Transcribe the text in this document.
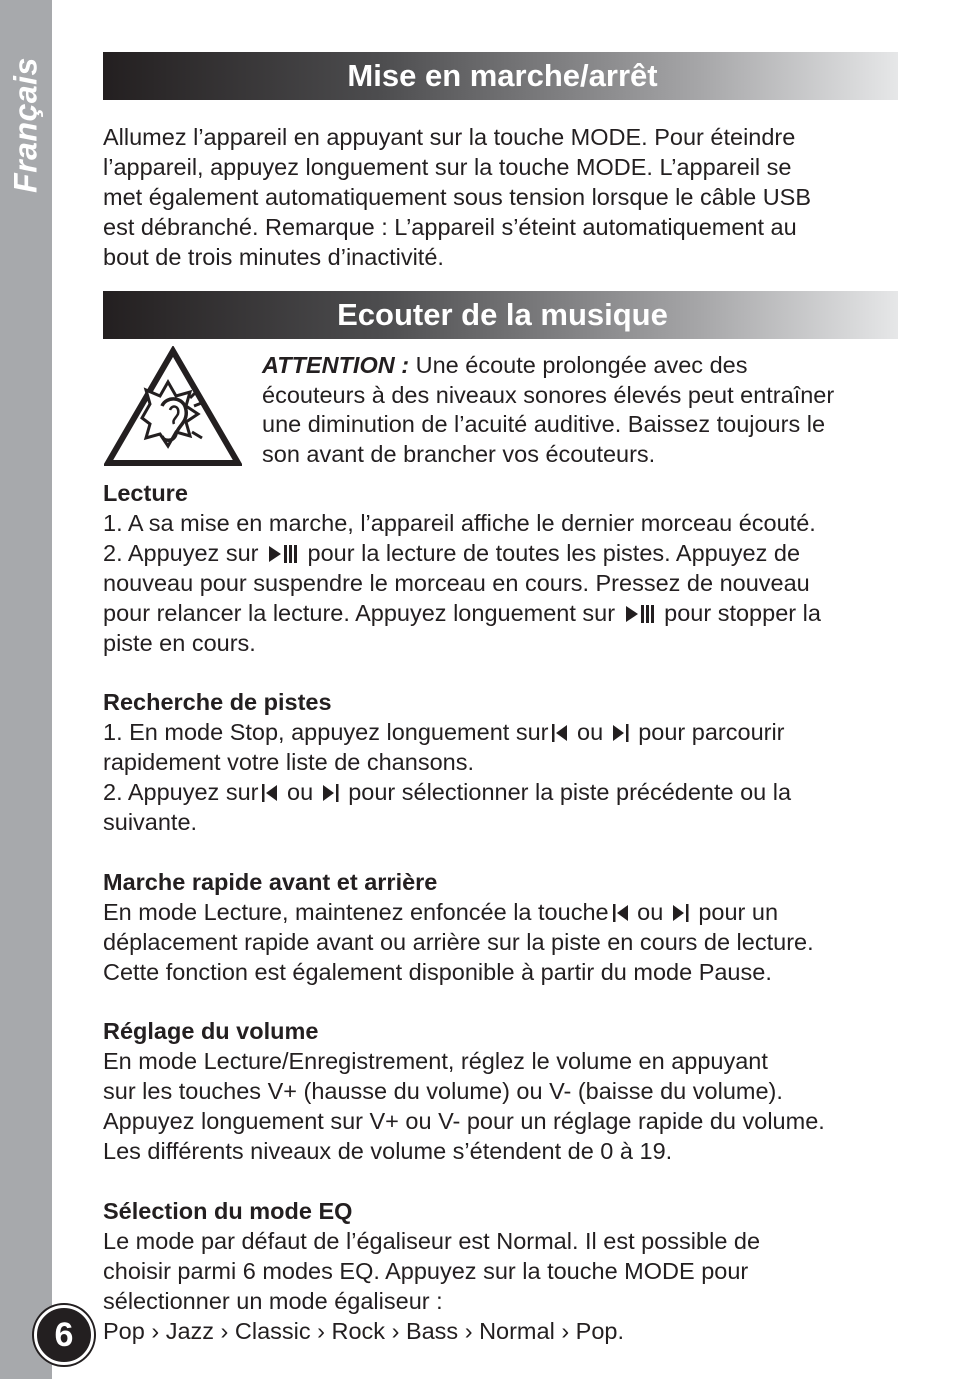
Français
6
Mise en marche/arrêt

Allumez l’appareil en appuyant sur la touche MODE. Pour éteindre

l’appareil, appuyez longuement sur la touche MODE. L’appareil se

met également automatiquement sous tension lorsque le câble USB

est débranché. Remarque : L’appareil s’éteint automatiquement au

bout de trois minutes d’inactivité.

Ecouter de la musique

ATTENTION : Une écoute prolongée avec des

écouteurs à des niveaux sonores élevés peut entraîner

une diminution de l’acuité auditive. Baissez toujours le

son avant de brancher vos écouteurs.

Lecture

1. A sa mise en marche, l’appareil affiche le dernier morceau écouté.

2. Appuyez sur  pour la lecture de toutes les pistes. Appuyez de

nouveau pour suspendre le morceau en cours. Pressez de nouveau

pour relancer la lecture. Appuyez longuement sur  pour stopper la

piste en cours.

Recherche de pistes

1. En mode Stop, appuyez longuement sur ou  pour parcourir

rapidement votre liste de chansons.

2. Appuyez sur ou  pour sélectionner la piste précédente ou la

suivante.

Marche rapide avant et arrière

En mode Lecture, maintenez enfoncée la touche ou  pour un

déplacement rapide avant ou arrière sur la piste en cours de lecture.

Cette fonction est également disponible à partir du mode Pause.

Réglage du volume

En mode Lecture/Enregistrement, réglez le volume en appuyant

sur les touches V+ (hausse du volume) ou V- (baisse du volume).

Appuyez longuement sur V+ ou V- pour un réglage rapide du volume.

Les différents niveaux de volume s’étendent de 0 à 19.

Sélection du mode EQ

Le mode par défaut de l’égaliseur est Normal. Il est possible de

choisir parmi 6 modes EQ. Appuyez sur la touche MODE pour

sélectionner un mode égaliseur :

Pop › Jazz › Classic › Rock › Bass › Normal › Pop.
